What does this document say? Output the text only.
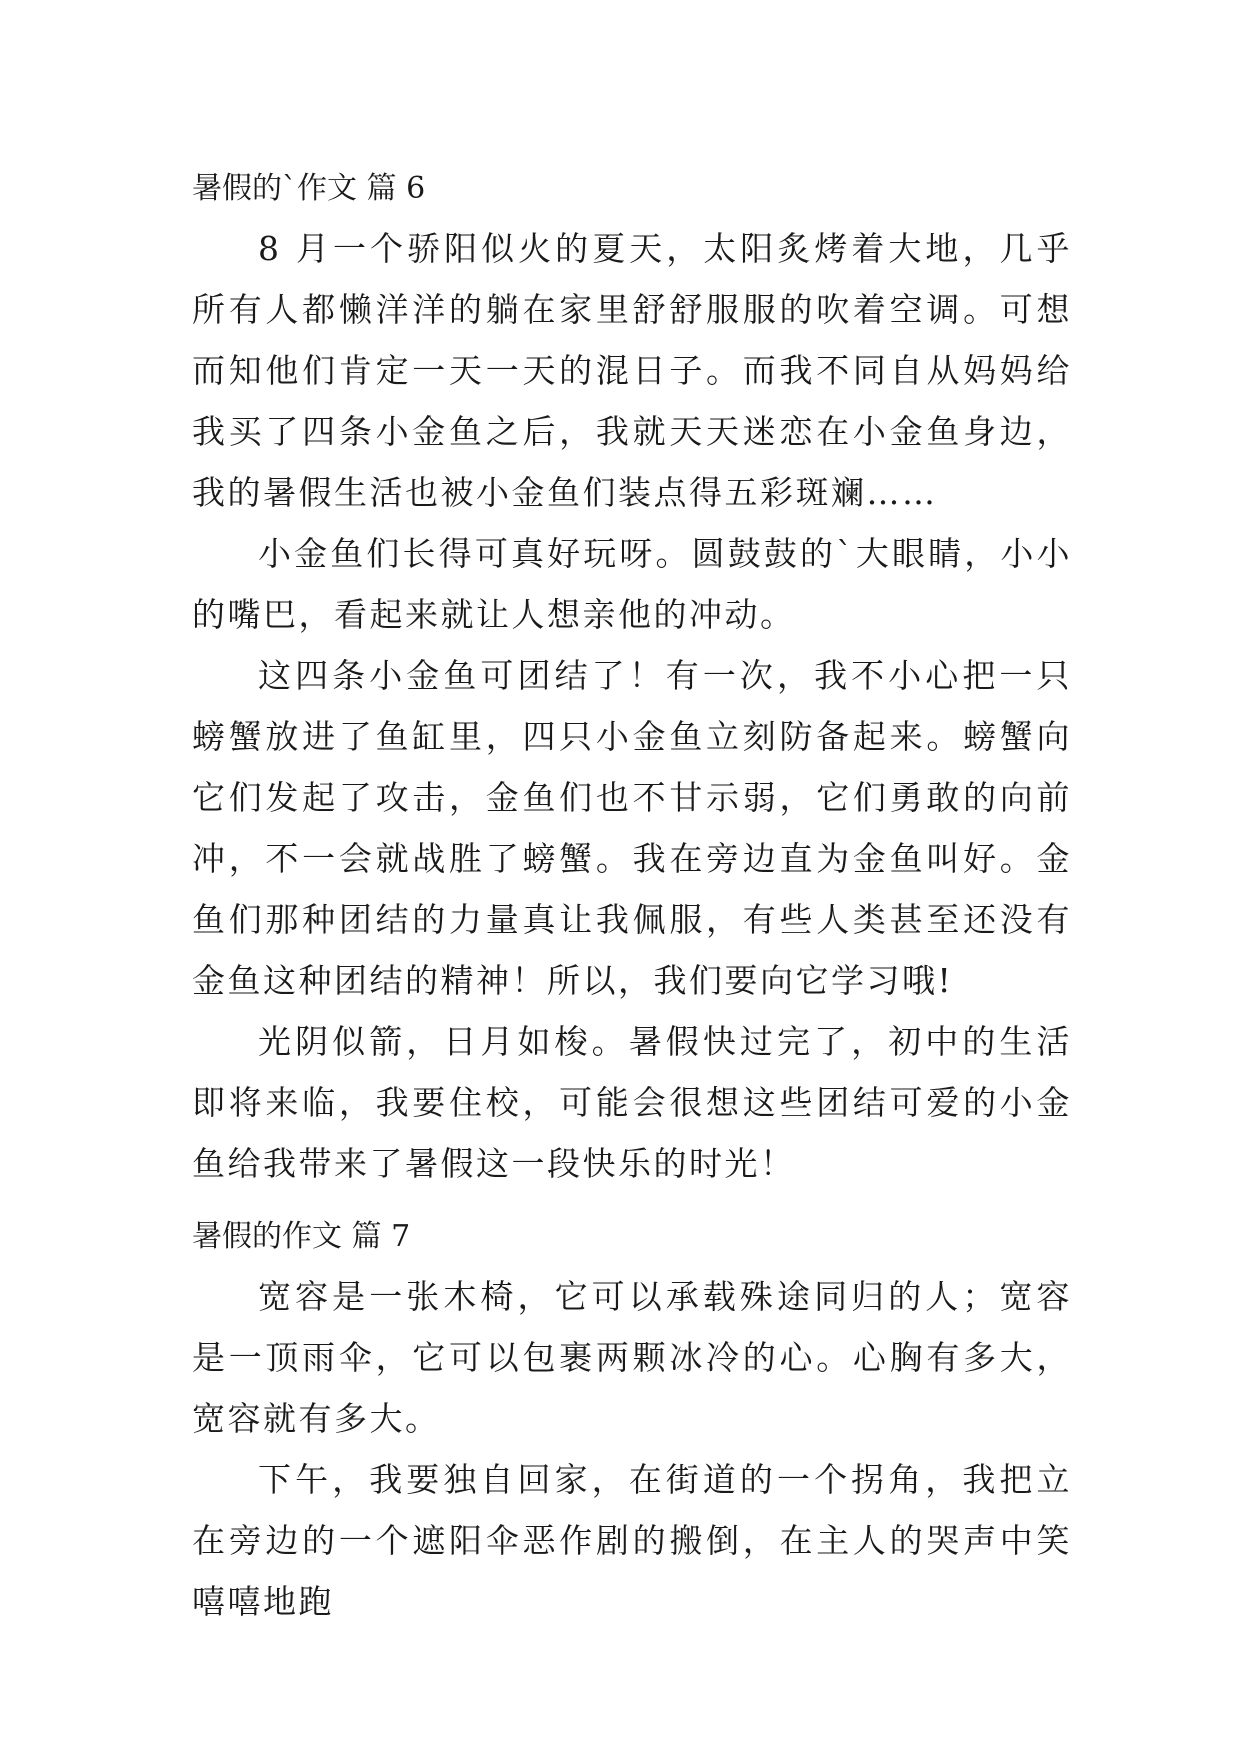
暑假的`作文 篇 6

8 月一个骄阳似火的夏天，太阳炙烤着大地，几乎所有人都懒洋洋的躺在家里舒舒服服的吹着空调。可想而知他们肯定一天一天的混日子。而我不同自从妈妈给我买了四条小金鱼之后，我就天天迷恋在小金鱼身边，我的暑假生活也被小金鱼们装点得五彩斑斓……

小金鱼们长得可真好玩呀。圆鼓鼓的`大眼睛，小小的嘴巴，看起来就让人想亲他的冲动。

这四条小金鱼可团结了！有一次，我不小心把一只螃蟹放进了鱼缸里，四只小金鱼立刻防备起来。螃蟹向它们发起了攻击，金鱼们也不甘示弱，它们勇敢的向前冲，不一会就战胜了螃蟹。我在旁边直为金鱼叫好。金鱼们那种团结的力量真让我佩服，有些人类甚至还没有金鱼这种团结的精神！所以，我们要向它学习哦!

光阴似箭，日月如梭。暑假快过完了，初中的生活即将来临，我要住校，可能会很想这些团结可爱的小金鱼给我带来了暑假这一段快乐的时光！

暑假的作文 篇 7

宽容是一张木椅，它可以承载殊途同归的人；宽容是一顶雨伞，它可以包裹两颗冰冷的心。心胸有多大，宽容就有多大。

下午，我要独自回家，在街道的一个拐角，我把立在旁边的一个遮阳伞恶作剧的搬倒，在主人的哭声中笑嘻嘻地跑
